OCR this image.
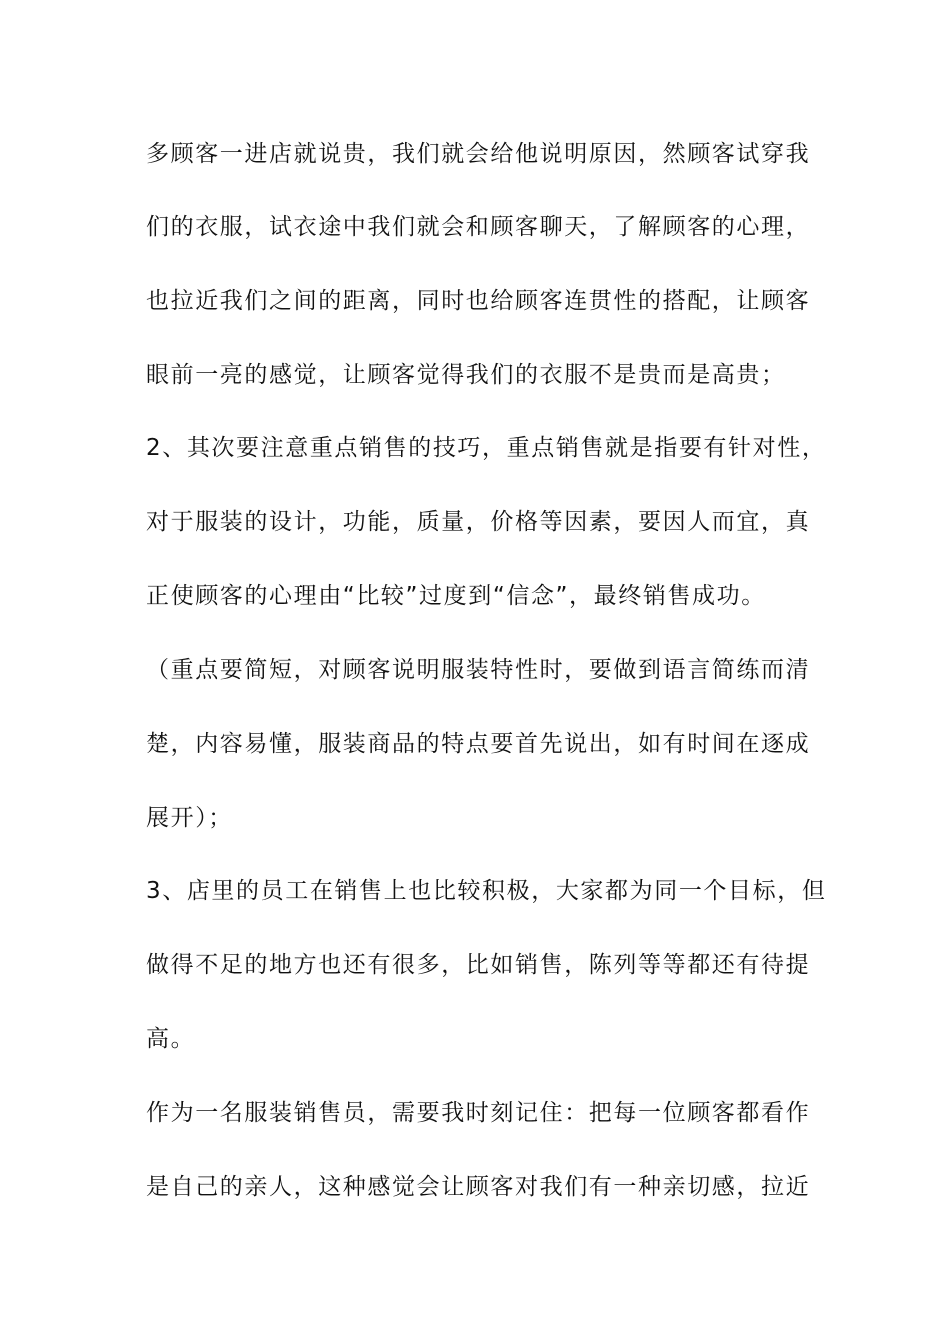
多顾客一进店就说贵，我们就会给他说明原因，然顾客试穿我
们的衣服，试衣途中我们就会和顾客聊天，了解顾客的心理，
也拉近我们之间的距离，同时也给顾客连贯性的搭配，让顾客
眼前一亮的感觉，让顾客觉得我们的衣服不是贵而是高贵；
2、其次要注意重点销售的技巧，重点销售就是指要有针对性，
对于服装的设计，功能，质量，价格等因素，要因人而宜，真
正使顾客的心理由“比较”过度到“信念”，最终销售成功。
（重点要简短，对顾客说明服装特性时，要做到语言简练而清
楚，内容易懂，服装商品的特点要首先说出，如有时间在逐成
展开）；
3、店里的员工在销售上也比较积极，大家都为同一个目标，但
做得不足的地方也还有很多，比如销售，陈列等等都还有待提
高。
作为一名服装销售员，需要我时刻记住：把每一位顾客都看作
是自己的亲人，这种感觉会让顾客对我们有一种亲切感，拉近
